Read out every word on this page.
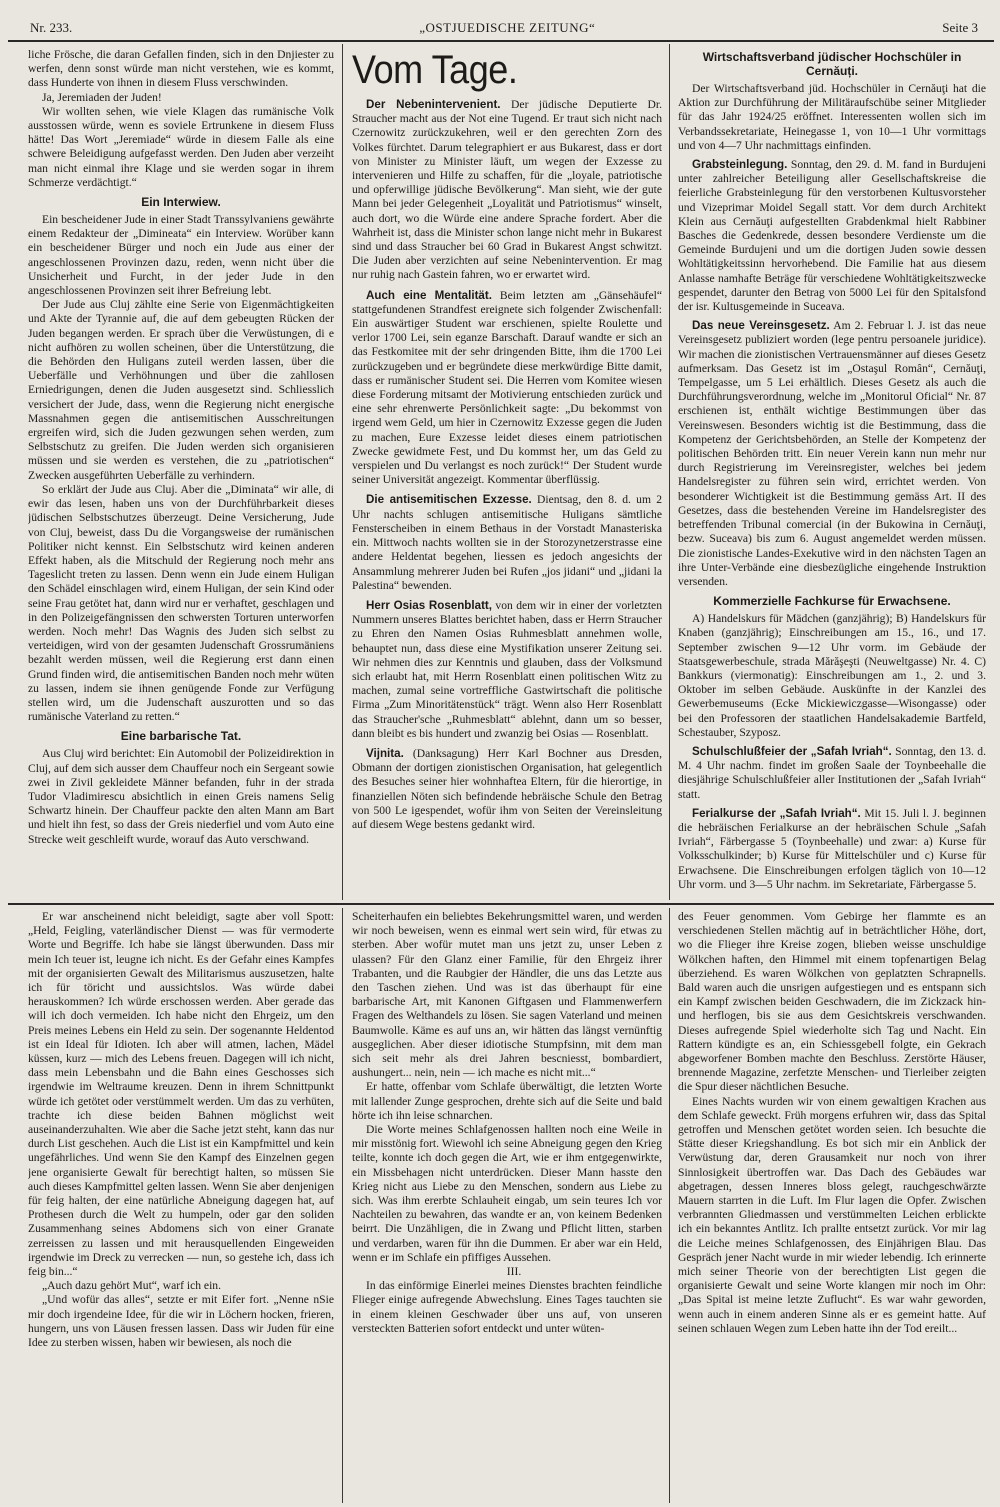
Nr. 233.	„OSTJUEDISCHE ZEITUNG“	Seite 3

liche Frösche, die daran Gefallen finden, sich in den Dnjiester zu werfen, denn sonst würde man nicht verstehen, wie es kommt, dass Hunderte von ihnen in diesem Fluss verschwinden.

Ja, Jeremiaden der Juden!

Wir wollten sehen, wie viele Klagen das rumänische Volk ausstossen würde, wenn es soviele Ertrunkene in diesem Fluss hätte! Das Wort „Jeremiade“ würde in diesem Falle als eine schwere Beleidigung aufgefasst werden. Den Juden aber verzeiht man nicht einmal ihre Klage und sie werden sogar in ihrem Schmerze verdächtigt.“

Ein Interwiew.

Ein bescheidener Jude in einer Stadt Transsylvaniens gewährte einem Redakteur der „Dimineata“ ein Interview. Worüber kann ein bescheidener Bürger und noch ein Jude aus einer der angeschlossenen Provinzen dazu, reden, wenn nicht über die Unsicherheit und Furcht, in der jeder Jude in den angeschlossenen Provinzen seit ihrer Befreiung lebt.

Der Jude aus Cluj zählte eine Serie von Eigenmächtigkeiten und Akte der Tyrannie auf, die auf dem gebeugten Rücken der Juden begangen werden. Er sprach über die Verwüstungen, di e nicht aufhören zu wollen scheinen, über die Unterstützung, die die Behörden den Huligans zuteil werden lassen, über die Ueberfälle und Verhöhnungen und über die zahllosen Erniedrigungen, denen die Juden ausgesetzt sind. Schliesslich versichert der Jude, dass, wenn die Regierung nicht energische Massnahmen gegen die antisemitischen Ausschreitungen ergreifen wird, sich die Juden gezwungen sehen werden, zum Selbstschutz zu greifen. Die Juden werden sich organisieren müssen und sie werden es verstehen, die zu „patriotischen“ Zwecken ausgeführten Ueberfälle zu verhindern.

So erklärt der Jude aus Cluj. Aber die „Diminata“ wir alle, di ewir das lesen, haben uns von der Durchführbarkeit dieses jüdischen Selbstschutzes überzeugt. Deine Versicherung, Jude von Cluj, beweist, dass Du die Vorgangsweise der rumänischen Politiker nicht kennst. Ein Selbstschutz wird keinen anderen Effekt haben, als die Mitschuld der Regierung noch mehr ans Tageslicht treten zu lassen. Denn wenn ein Jude einem Huligan den Schädel einschlagen wird, einem Huligan, der sein Kind oder seine Frau getötet hat, dann wird nur er verhaftet, geschlagen und in den Polizeigefängnissen den schwersten Torturen unterworfen werden. Noch mehr! Das Wagnis des Juden sich selbst zu verteidigen, wird von der gesamten Judenschaft Grossrumäniens bezahlt werden müssen, weil die Regierung erst dann einen Grund finden wird, die antisemitischen Banden noch mehr wüten zu lassen, indem sie ihnen genügende Fonde zur Verfügung stellen wird, um die Judenschaft auszurotten und so das rumänische Vaterland zu retten.“

Eine barbarische Tat.

Aus Cluj wird berichtet: Ein Automobil der Polizeidirektion in Cluj, auf dem sich ausser dem Chauffeur noch ein Sergeant sowie zwei in Zivil gekleidete Männer befanden, fuhr in der strada Tudor Vladimirescu absichtlich in einen Greis namens Selig Schwartz hinein. Der Chauffeur packte den alten Mann am Bart und hielt ihn fest, so dass der Greis niederfiel und vom Auto eine Strecke weit geschleift wurde, worauf das Auto verschwand.

Vom Tage.

Der Nebenintervenient. Der jüdische Deputierte Dr. Straucher macht aus der Not eine Tugend. Er traut sich nicht nach Czernowitz zurückzukehren, weil er den gerechten Zorn des Volkes fürchtet. Darum telegraphiert er aus Bukarest, dass er dort von Minister zu Minister läuft, um wegen der Exzesse zu intervenieren und Hilfe zu schaffen, für die „loyale, patriotische und opferwillige jüdische Bevölkerung“. Man sieht, wie der gute Mann bei jeder Gelegenheit „Loyalität und Patriotismus“ winselt, auch dort, wo die Würde eine andere Sprache fordert. Aber die Wahrheit ist, dass die Minister schon lange nicht mehr in Bukarest sind und dass Straucher bei 60 Grad in Bukarest Angst schwitzt. Die Juden aber verzichten auf seine Nebenintervention. Er mag nur ruhig nach Gastein fahren, wo er erwartet wird.

Auch eine Mentalität. Beim letzten am „Gänsehäufel“ stattgefundenen Strandfest ereignete sich folgender Zwischenfall: Ein auswärtiger Student war erschienen, spielte Roulette und verlor 1700 Lei, sein eganze Barschaft. Darauf wandte er sich an das Festkomitee mit der sehr dringenden Bitte, ihm die 1700 Lei zurückzugeben und er begründete diese merkwürdige Bitte damit, dass er rumänischer Student sei. Die Herren vom Komitee wiesen diese Forderung mitsamt der Motivierung entschieden zurück und eine sehr ehrenwerte Persönlichkeit sagte: „Du bekommst von irgend wem Geld, um hier in Czernowitz Exzesse gegen die Juden zu machen, Eure Exzesse leidet dieses einem patriotischen Zwecke gewidmete Fest, und Du kommst her, um das Geld zu verspielen und Du verlangst es noch zurück!“ Der Student wurde seiner Universität angezeigt. Kommentar überflüssig.

Die antisemitischen Exzesse. Dientsag, den 8. d. um 2 Uhr nachts schlugen antisemitische Huligans sämtliche Fensterscheiben in einem Bethaus in der Vorstadt Manasteriska ein. Mittwoch nachts wollten sie in der Storozynetzerstrasse eine andere Heldentat begehen, liessen es jedoch angesichts der Ansammlung mehrerer Juden bei Rufen „jos jidani“ und „jidani la Palestina“ bewenden.

Herr Osias Rosenblatt, von dem wir in einer der vorletzten Nummern unseres Blattes berichtet haben, dass er Herrn Straucher zu Ehren den Namen Osias Ruhmesblatt annehmen wolle, behauptet nun, dass diese eine Mystifikation unserer Zeitung sei. Wir nehmen dies zur Kenntnis und glauben, dass der Volksmund sich erlaubt hat, mit Herrn Rosenblatt einen politischen Witz zu machen, zumal seine vortreffliche Gastwirtschaft die politische Firma „Zum Minoritätenstück“ trägt. Wenn also Herr Rosenblatt das Straucher'sche „Ruhmesblatt“ ablehnt, dann um so besser, dann bleibt es bis hundert und zwanzig bei Osias — Rosenblatt.

Vijnita. (Danksagung) Herr Karl Bochner aus Dresden, Obmann der dortigen zionistischen Organisation, hat gelegentlich des Besuches seiner hier wohnhaftea Eltern, für die hierortige, in finanziellen Nöten sich befindende hebräische Schule den Betrag von 500 Le igespendet, wofür ihm von Seiten der Vereinsleitung auf diesem Wege bestens gedankt wird.

Wirtschaftsverband jüdischer Hochschüler in Cernăuți.

Der Wirtschaftsverband jüd. Hochschüler in Cernăuţi hat die Aktion zur Durchführung der Militäraufschübe seiner Mitglieder für das Jahr 1924/25 eröffnet. Interessenten wollen sich im Verbandssekretariate, Heinegasse 1, von 10—1 Uhr vormittags und von 4—7 Uhr nachmittags einfinden.

Grabsteinlegung. Sonntag, den 29. d. M. fand in Burdujeni unter zahlreicher Beteiligung aller Gesellschaftskreise die feierliche Grabsteinlegung für den verstorbenen Kultusvorsteher und Vizeprimar Moidel Segall statt. Vor dem durch Architekt Klein aus Cernăuţi aufgestellten Grabdenkmal hielt Rabbiner Basches die Gedenkrede, dessen besondere Verdienste um die Gemeinde Burdujeni und um die dortigen Juden sowie dessen Wohltätigkeitssinn hervorhebend. Die Familie hat aus diesem Anlasse namhafte Beträge für verschiedene Wohltätigkeitszwecke gespendet, darunter den Betrag von 5000 Lei für den Spitalsfond der isr. Kultusgemeinde in Suceava.

Das neue Vereinsgesetz. Am 2. Februar l. J. ist das neue Vereinsgesetz publiziert worden (lege pentru persoanele juridice). Wir machen die zionistischen Vertrauensmänner auf dieses Gesetz aufmerksam. Das Gesetz ist im „Ostaşul Român“, Cernăuţi, Tempelgasse, um 5 Lei erhältlich. Dieses Gesetz als auch die Durchführungsverordnung, welche im „Monitorul Oficial“ Nr. 87 erschienen ist, enthält wichtige Bestimmungen über das Vereinswesen. Besonders wichtig ist die Bestimmung, dass die Kompetenz der Gerichtsbehörden, an Stelle der Kompetenz der politischen Behörden tritt. Ein neuer Verein kann nun mehr nur durch Registrierung im Vereinsregister, welches bei jedem Handelsregister zu führen sein wird, errichtet werden. Von besonderer Wichtigkeit ist die Bestimmung gemäss Art. II des Gesetzes, dass die bestehenden Vereine im Handelsregister des betreffenden Tribunal comercial (in der Bukowina in Cernăuţi, bezw. Suceava) bis zum 6. August angemeldet werden müssen. Die zionistische Landes-Exekutive wird in den nächsten Tagen an ihre Unter-Verbände eine diesbezügliche eingehende Instruktion versenden.

Kommerzielle Fachkurse für Erwachsene.

A) Handelskurs für Mädchen (ganzjährig); B) Handelskurs für Knaben (ganzjährig); Einschreibungen am 15., 16., und 17. September zwischen 9—12 Uhr vorm. im Gebäude der Staatsgewerbeschule, strada Mărăşeşti (Neuweltgasse) Nr. 4. C) Bankkurs (viermonatig): Einschreibungen am 1., 2. und 3. Oktober im selben Gebäude. Auskünfte in der Kanzlei des Gewerbemuseums (Ecke Mickiewiczgasse—Wisongasse) oder bei den Professoren der staatlichen Handelsakademie Bartfeld, Schestauber, Szyposz.

Schulschlußfeier der „Safah Ivriah“. Sonntag, den 13. d. M. 4 Uhr nachm. findet im großen Saale der Toynbeehalle die diesjährige Schulschlußfeier aller Institutionen der „Safah Ivriah“ statt.

Ferialkurse der „Safah Ivriah“. Mit 15. Juli l. J. beginnen die hebräischen Ferialkurse an der hebräischen Schule „Safah Ivriah“, Färbergasse 5 (Toynbeehalle) und zwar: a) Kurse für Volksschulkinder; b) Kurse für Mittelschüler und c) Kurse für Erwachsene. Die Einschreibungen erfolgen täglich von 10—12 Uhr vorm. und 3—5 Uhr nachm. im Sekretariate, Färbergasse 5.

Er war anscheinend nicht beleidigt, sagte aber voll Spott: „Held, Feigling, vaterländischer Dienst — was für vermoderte Worte und Begriffe. Ich habe sie längst überwunden. Dass mir mein Ich teuer ist, leugne ich nicht. Es der Gefahr eines Kampfes mit der organisierten Gewalt des Militarismus auszusetzen, halte ich für töricht und aussichtslos. Was würde dabei herauskommen? Ich würde erschossen werden. Aber gerade das will ich doch vermeiden. Ich habe nicht den Ehrgeiz, um den Preis meines Lebens ein Held zu sein. Der sogenannte Heldentod ist ein Ideal für Idioten. Ich aber will atmen, lachen, Mädel küssen, kurz — mich des Lebens freuen. Dagegen will ich nicht, dass mein Lebensbahn und die Bahn eines Geschosses sich irgendwie im Weltraume kreuzen. Denn in ihrem Schnittpunkt würde ich getötet oder verstümmelt werden. Um das zu verhüten, trachte ich diese beiden Bahnen möglichst weit auseinanderzuhalten. Wie aber die Sache jetzt steht, kann das nur durch List geschehen. Auch die List ist ein Kampfmittel und kein ungefährliches. Und wenn Sie den Kampf des Einzelnen gegen jene organisierte Gewalt für berechtigt halten, so müssen Sie auch dieses Kampfmittel gelten lassen. Wenn Sie aber denjenigen für feig halten, der eine natürliche Abneigung dagegen hat, auf Prothesen durch die Welt zu humpeln, oder gar den soliden Zusammenhang seines Abdomens sich von einer Granate zerreissen zu lassen und mit herausquellenden Eingeweiden irgendwie im Dreck zu verrecken — nun, so gestehe ich, dass ich feig bin...“

„Auch dazu gehört Mut“, warf ich ein.

„Und wofür das alles“, setzte er mit Eifer fort. „Nenne nSie mir doch irgendeine Idee, für die wir in Löchern hocken, frieren, hungern, uns von Läusen fressen lassen. Dass wir Juden für eine Idee zu sterben wissen, haben wir bewiesen, als noch die

Scheiterhaufen ein beliebtes Bekehrungsmittel waren, und werden wir noch beweisen, wenn es einmal wert sein wird, für etwas zu sterben. Aber wofür mutet man uns jetzt zu, unser Leben z ulassen? Für den Glanz einer Familie, für den Ehrgeiz ihrer Trabanten, und die Raubgier der Händler, die uns das Letzte aus den Taschen ziehen. Und was ist das überhaupt für eine barbarische Art, mit Kanonen Giftgasen und Flammenwerfern Fragen des Welthandels zu lösen. Sie sagen Vaterland und meinen Baumwolle. Käme es auf uns an, wir hätten das längst vernünftig ausgeglichen. Aber dieser idiotische Stumpfsinn, mit dem man sich seit mehr als drei Jahren bescniesst, bombardiert, aushungert... nein, nein — ich mache es nicht mit...“

Er hatte, offenbar vom Schlafe überwältigt, die letzten Worte mit lallender Zunge gesprochen, drehte sich auf die Seite und bald hörte ich ihn leise schnarchen.

Die Worte meines Schlafgenossen hallten noch eine Weile in mir misstönig fort. Wiewohl ich seine Abneigung gegen den Krieg teilte, konnte ich doch gegen die Art, wie er ihm entgegenwirkte, ein Missbehagen nicht unterdrücken. Dieser Mann hasste den Krieg nicht aus Liebe zu den Menschen, sondern aus Liebe zu sich. Was ihm ererbte Schlauheit eingab, um sein teures Ich vor Nachteilen zu bewahren, das wandte er an, von keinem Bedenken beirrt. Die Unzähligen, die in Zwang und Pflicht litten, starben und verdarben, waren für ihn die Dummen. Er aber war ein Held, wenn er im Schlafe ein pfiffiges Aussehen.

III.

In das einförmige Einerlei meines Dienstes brachten feindliche Flieger einige aufregende Abwechslung. Eines Tages tauchten sie in einem kleinen Geschwader über uns auf, von unseren versteckten Batterien sofort entdeckt und unter wüten-

des Feuer genommen. Vom Gebirge her flammte es an verschiedenen Stellen mächtig auf in beträchtlicher Höhe, dort, wo die Flieger ihre Kreise zogen, blieben weisse unschuldige Wölkchen haften, den Himmel mit einem topfenartigen Belag überziehend. Es waren Wölkchen von geplatzten Schrapnells. Bald waren auch die unsrigen aufgestiegen und es entspann sich ein Kampf zwischen beiden Geschwadern, die im Zickzack hin- und herflogen, bis sie aus dem Gesichtskreis verschwanden. Dieses aufregende Spiel wiederholte sich Tag und Nacht. Ein Rattern kündigte es an, ein Schiessgebell folgte, ein Gekrach abgeworfener Bomben machte den Beschluss. Zerstörte Häuser, brennende Magazine, zerfetzte Menschen- und Tierleiber zeigten die Spur dieser nächtlichen Besuche.

Eines Nachts wurden wir von einem gewaltigen Krachen aus dem Schlafe geweckt. Früh morgens erfuhren wir, dass das Spital getroffen und Menschen getötet worden seien. Ich besuchte die Stätte dieser Kriegshandlung. Es bot sich mir ein Anblick der Verwüstung dar, deren Grausamkeit nur noch von ihrer Sinnlosigkeit übertroffen war. Das Dach des Gebäudes war abgetragen, dessen Inneres bloss gelegt, rauchgeschwärzte Mauern starrten in die Luft. Im Flur lagen die Opfer. Zwischen verbrannten Gliedmassen und verstümmelten Leichen erblickte ich ein bekanntes Antlitz. Ich prallte entsetzt zurück. Vor mir lag die Leiche meines Schlafgenossen, des Einjährigen Blau. Das Gespräch jener Nacht wurde in mir wieder lebendig. Ich erinnerte mich seiner Theorie von der berechtigten List gegen die organisierte Gewalt und seine Worte klangen mir noch im Ohr: „Das Spital ist meine letzte Zuflucht“. Es war wahr geworden, wenn auch in einem anderen Sinne als er es gemeint hatte. Auf seinen schlauen Wegen zum Leben hatte ihn der Tod ereilt...
